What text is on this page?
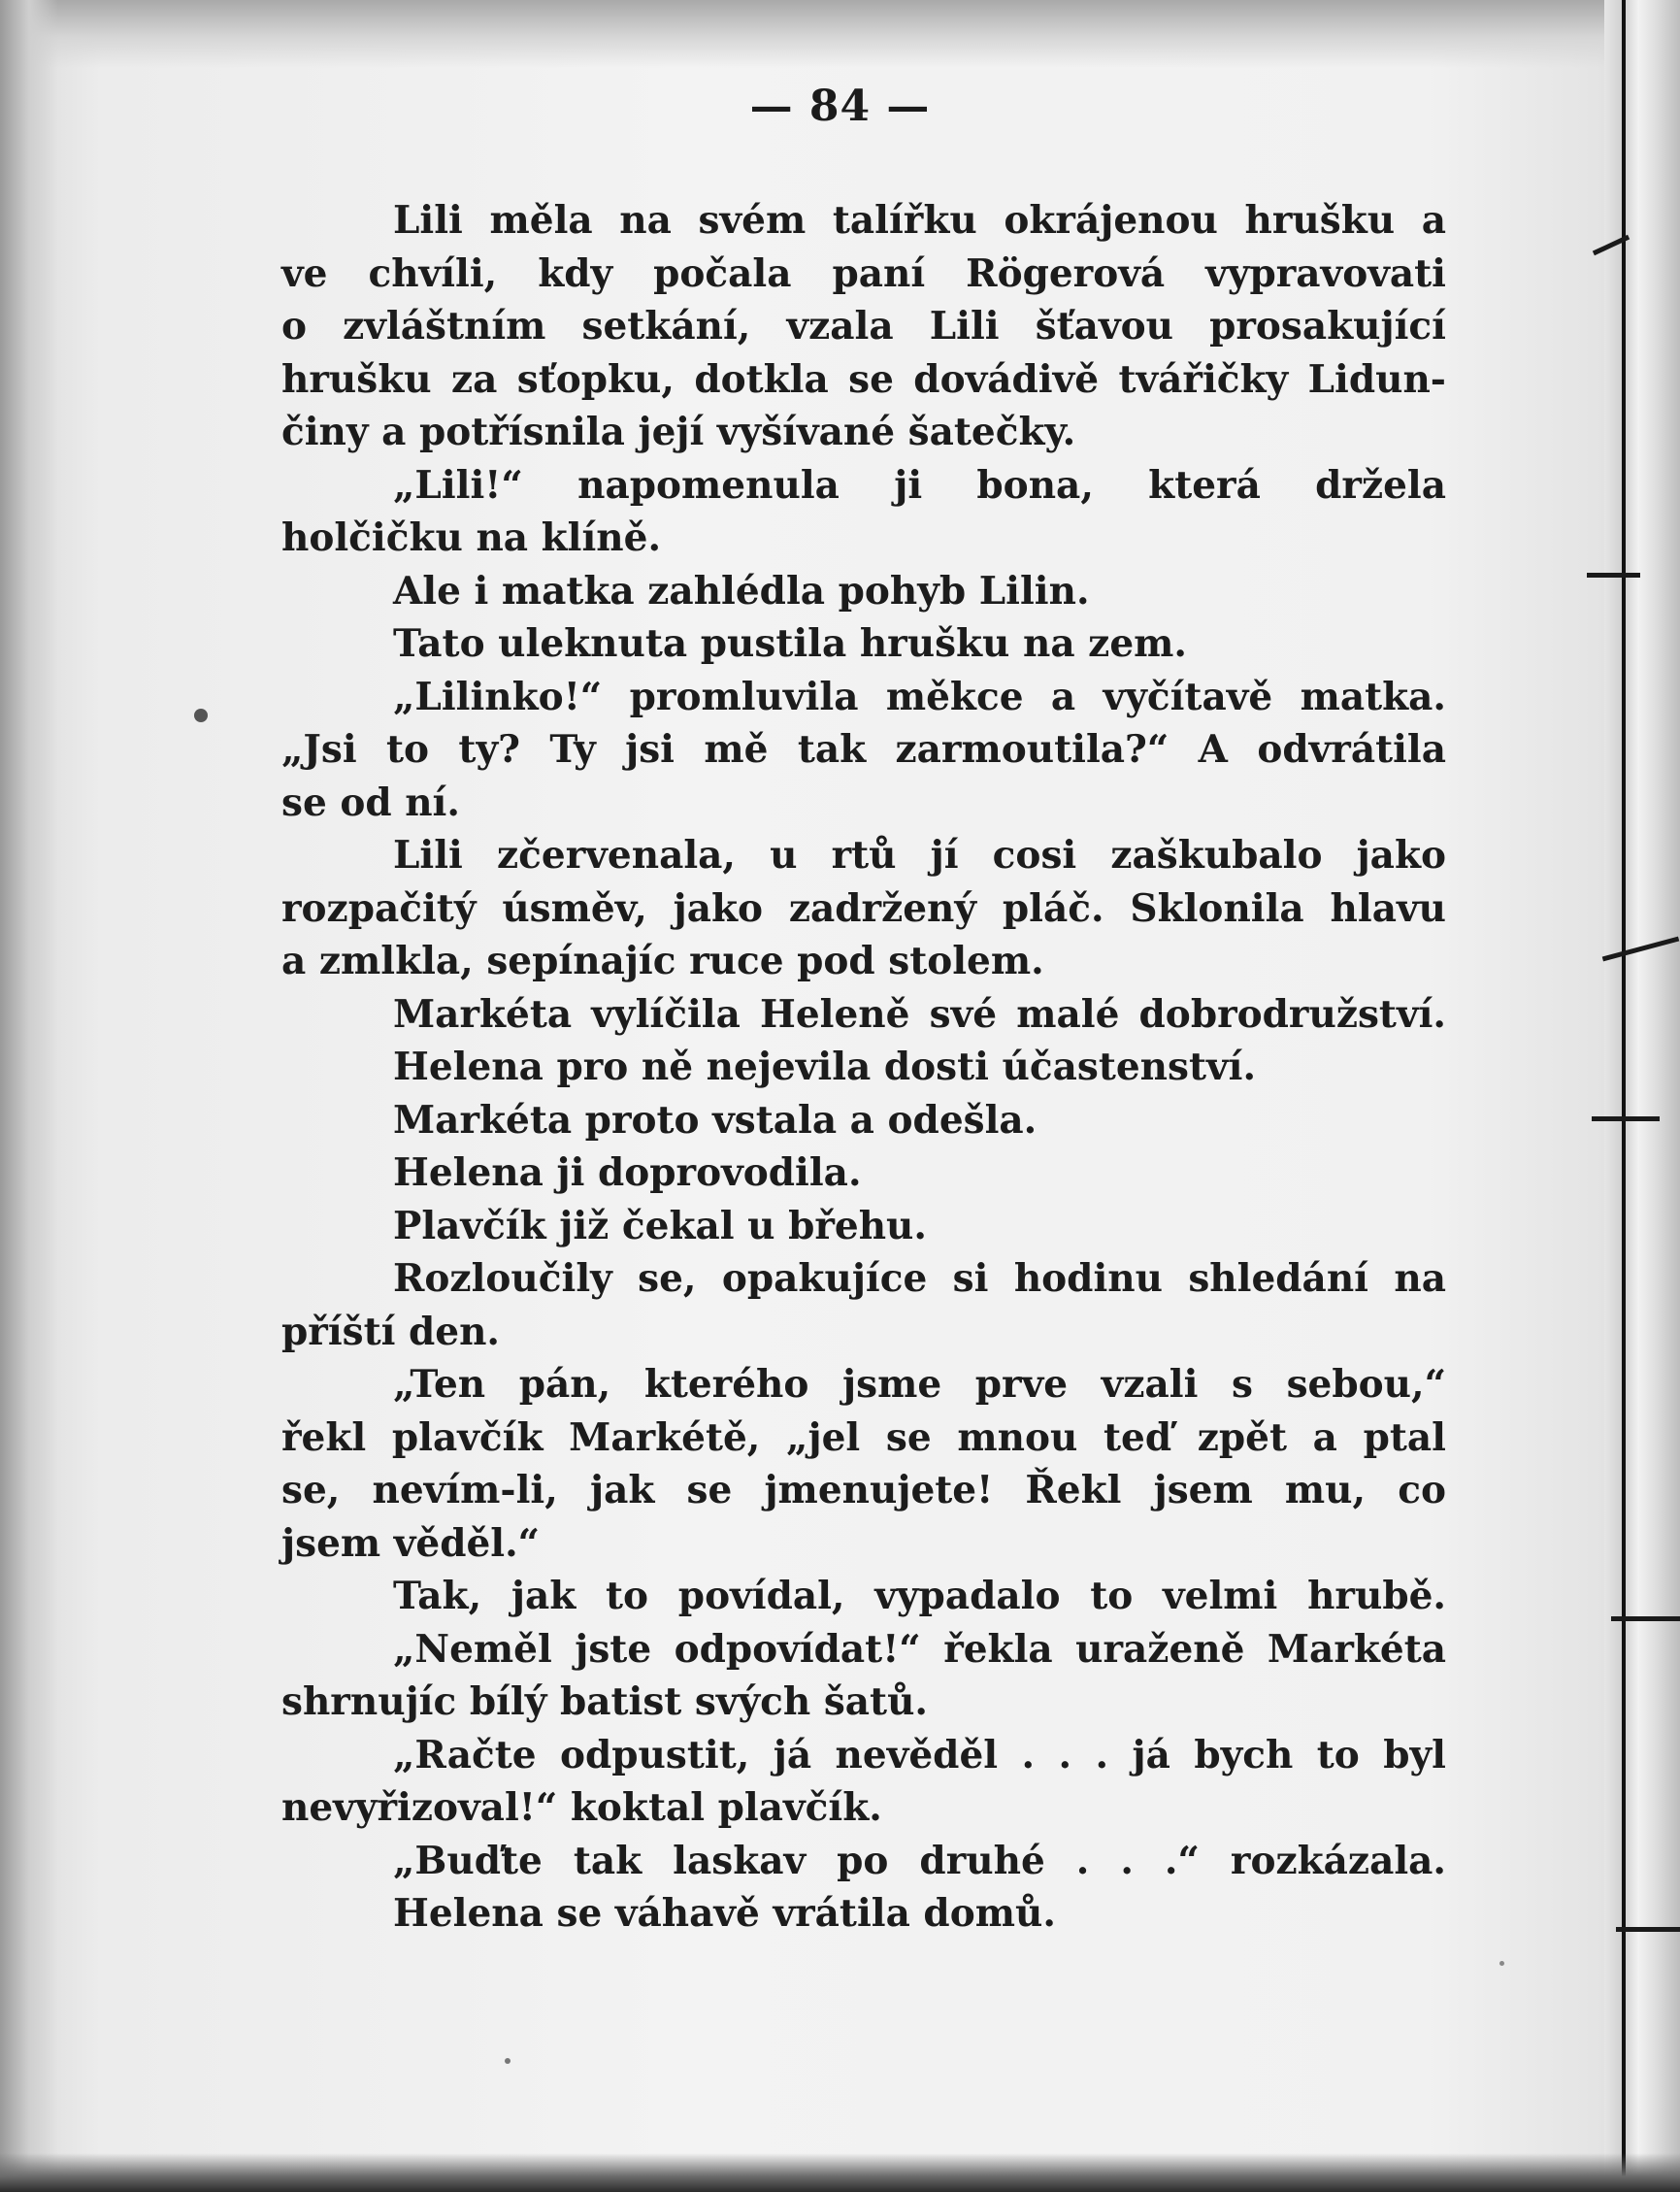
— 84 —
Lili měla na svém talířku okrájenou hrušku a
ve chvíli, kdy počala paní Rögerová vypravovati
o zvláštním setkání, vzala Lili šťavou prosakující
hrušku za sťopku, dotkla se dovádivě tvářičky Lidun-
činy a potřísnila její vyšívané šatečky.
„Lili!“ napomenula ji bona, která držela
holčičku na klíně.
Ale i matka zahlédla pohyb Lilin.
Tato uleknuta pustila hrušku na zem.
„Lilinko!“ promluvila měkce a vyčítavě matka.
„Jsi to ty? Ty jsi mě tak zarmoutila?“ A odvrátila
se od ní.
Lili zčervenala, u rtů jí cosi zaškubalo jako
rozpačitý úsměv, jako zadržený pláč. Sklonila hlavu
a zmlkla, sepínajíc ruce pod stolem.
Markéta vylíčila Heleně své malé dobrodružství.
Helena pro ně nejevila dosti účastenství.
Markéta proto vstala a odešla.
Helena ji doprovodila.
Plavčík již čekal u břehu.
Rozloučily se, opakujíce si hodinu shledání na
příští den.
„Ten pán, kterého jsme prve vzali s sebou,“
řekl plavčík Markétě, „jel se mnou teď zpět a ptal
se, nevím-li, jak se jmenujete! Řekl jsem mu, co
jsem věděl.“
Tak, jak to povídal, vypadalo to velmi hrubě.
„Neměl jste odpovídat!“ řekla uraženě Markéta
shrnujíc bílý batist svých šatů.
„Račte odpustit, já nevěděl . . . já bych to byl
nevyřizoval!“ koktal plavčík.
„Buďte tak laskav po druhé . . .“ rozkázala.
Helena se váhavě vrátila domů.
